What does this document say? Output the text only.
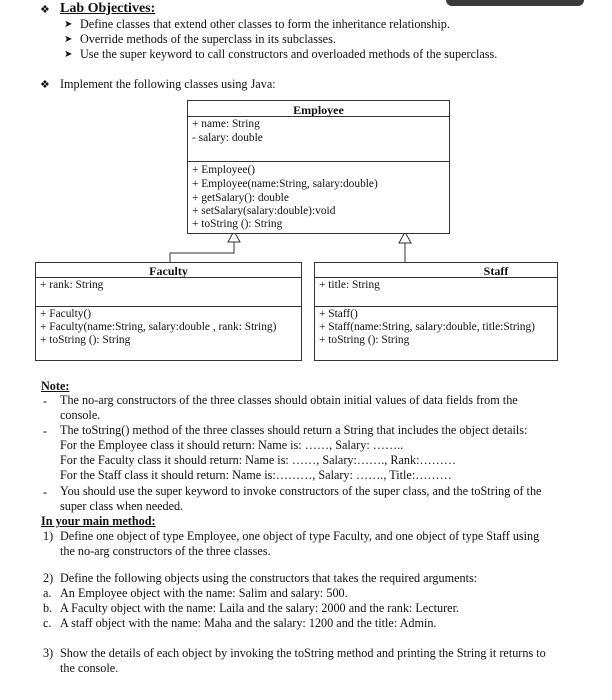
❖ Lab Objectives:
➤ Define classes that extend other classes to form the inheritance relationship.
➤ Override methods of the superclass in its subclasses.
➤ Use the super keyword to call constructors and overloaded methods of the superclass.
❖ Implement the following classes using Java:
Employee
+ name: String
- salary: double
+ Employee()
+ Employee(name:String, salary:double)
+ getSalary(): double
+ setSalary(salary:double):void
+ toString (): String
Faculty
+ rank: String
+ Faculty()
+ Faculty(name:String, salary:double , rank: String)
+ toString (): String
Staff
+ title: String
+ Staff()
+ Staff(name:String, salary:double, title:String)
+ toString (): String
Note:
- The no-arg constructors of the three classes should obtain initial values of data fields from the
console.
- The toString() method of the three classes should return a String that includes the object details:
For the Employee class it should return: Name is: ……, Salary: ……..
For the Faculty class it should return: Name is: ……, Salary:……., Rank:………
For the Staff class it should return: Name is:………, Salary: ……., Title:………
- You should use the super keyword to invoke constructors of the super class, and the toString of the
super class when needed.
In your main method:
1) Define one object of type Employee, one object of type Faculty, and one object of type Staff using
the no-arg constructors of the three classes.
2) Define the following objects using the constructors that takes the required arguments:
a. An Employee object with the name: Salim and salary: 500.
b. A Faculty object with the name: Laila and the salary: 2000 and the rank: Lecturer.
c. A staff object with the name: Maha and the salary: 1200 and the title: Admin.
3) Show the details of each object by invoking the toString method and printing the String it returns to
the console.
